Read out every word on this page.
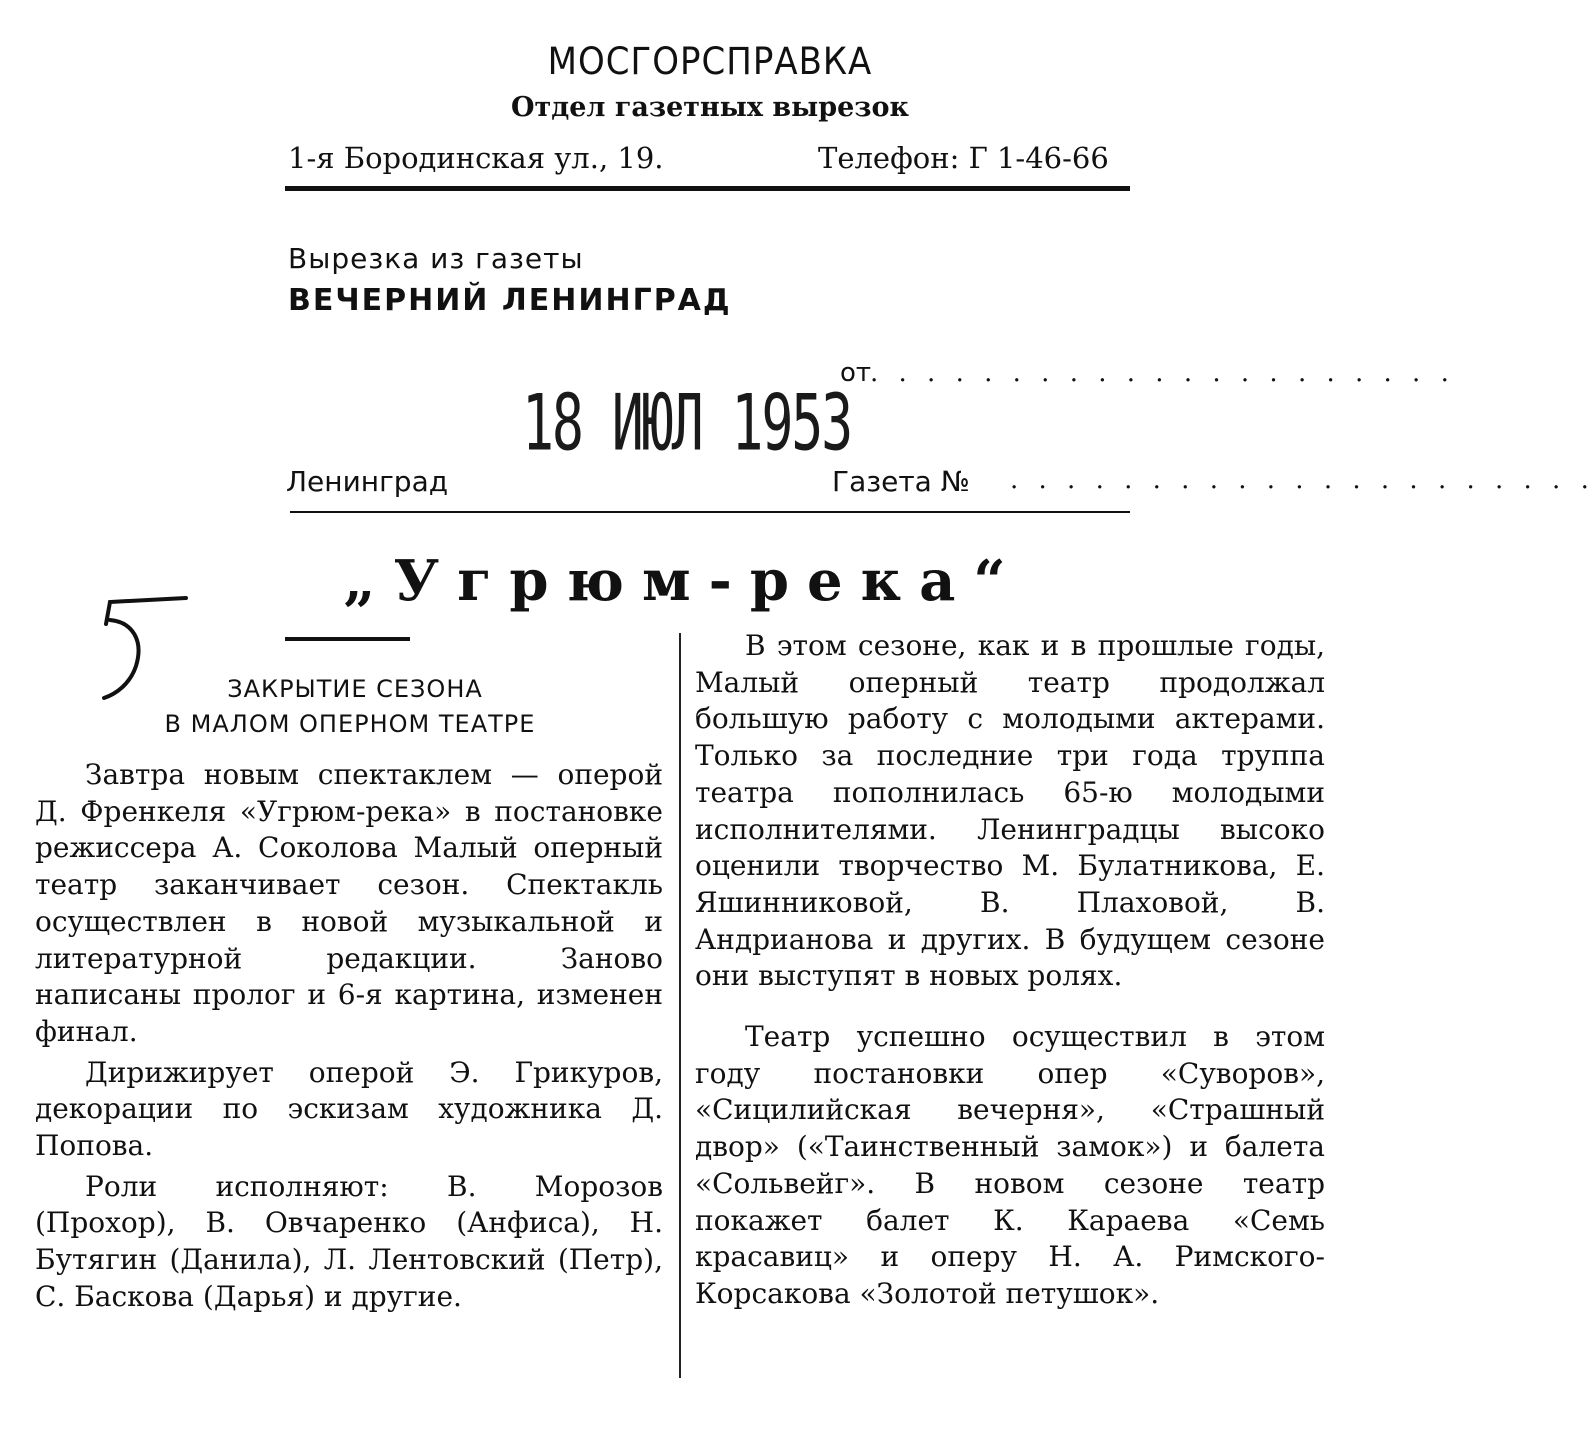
МОСГОРСПРАВКА
Отдел газетных вырезок
1-я Бородинская ул., 19.	Телефон: Г 1-46-66
Вырезка из газеты
ВЕЧЕРНИЙ ЛЕНИНГРАД
от
. . . . . . . . . . . . . . . . . . . . .
18 ИЮЛ 1953
Ленинград	Газета № . . . . . . . . . . . . . . . . . . . . .
„Угрюм-река“
ЗАКРЫТИЕ СЕЗОНА
В МАЛОМ ОПЕРНОМ ТЕАТРЕ

Завтра новым спектаклем — оперой Д. Френкеля «Угрюм-река» в постановке режиссера А. Соколова Малый оперный театр заканчивает сезон. Спектакль осуществлен в новой музыкальной и литературной редакции. Заново написаны пролог и 6-я картина, изменен финал.

Дирижирует оперой Э. Грикуров, декорации по эскизам художника Д. Попова.

Роли исполняют: В. Морозов (Прохор), В. Овчаренко (Анфиса), Н. Бутягин (Данила), Л. Лентовский (Петр), С. Баскова (Дарья) и другие.

В этом сезоне, как и в прошлые годы, Малый оперный театр продолжал большую работу с молодыми актерами. Только за последние три года труппа театра пополнилась 65-ю молодыми исполнителями. Ленинградцы высоко оценили творчество М. Булатникова, Е. Яшинниковой, В. Плаховой, В. Андрианова и других. В будущем сезоне они выступят в новых ролях.

Театр успешно осуществил в этом году постановки опер «Суворов», «Сицилийская вечерня», «Страшный двор» («Таинственный замок») и балета «Сольвейг». В новом сезоне театр покажет балет К. Караева «Семь красавиц» и оперу Н. А. Римского-Корсакова «Золотой петушок».
